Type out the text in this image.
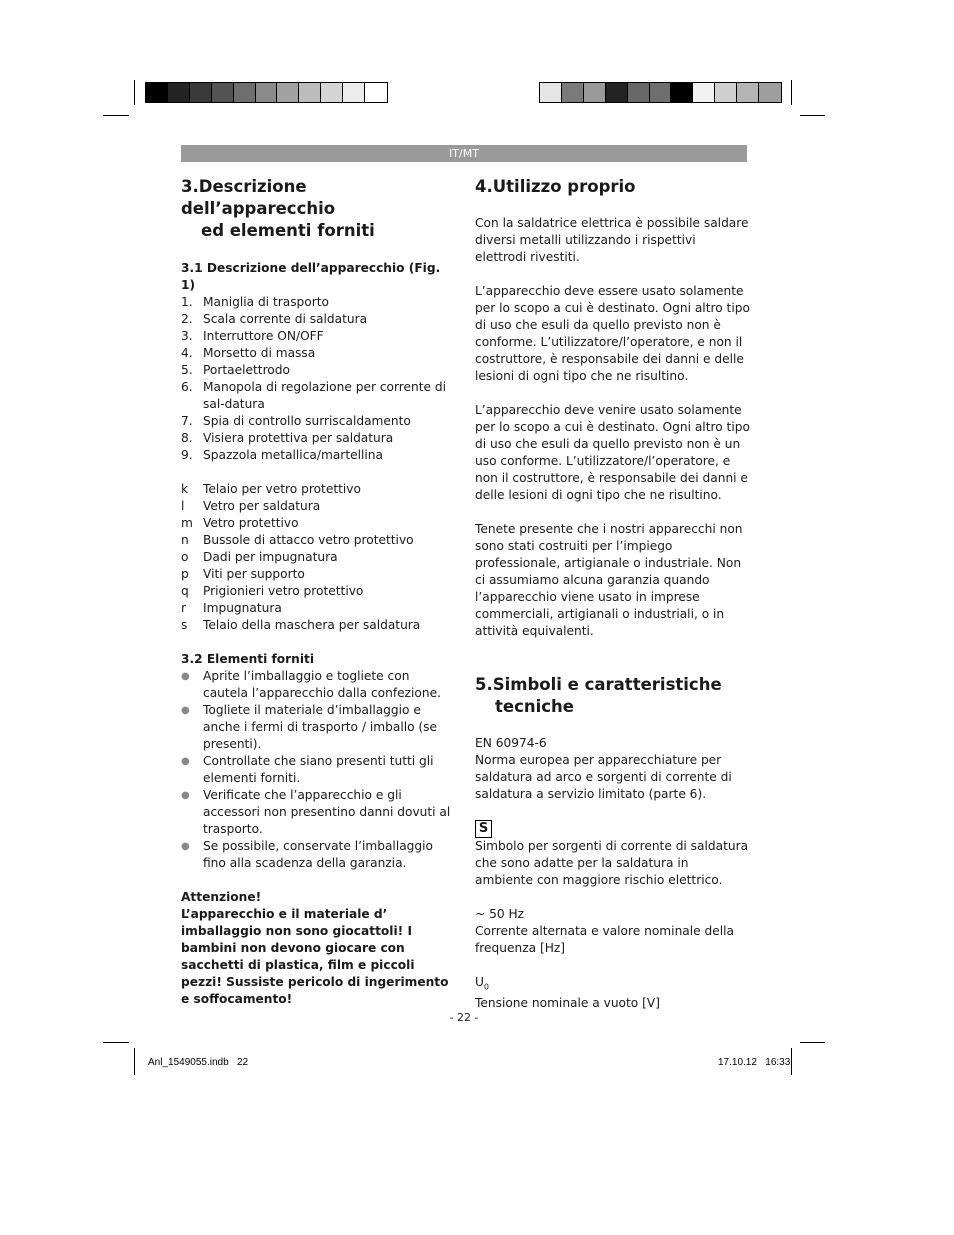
IT/MT
3.Descrizione dell’apparecchio
ed elementi forniti

3.1 Descrizione dell’apparecchio (Fig. 1)

1. Maniglia di trasporto
2. Scala corrente di saldatura
3. Interruttore ON/OFF
4. Morsetto di massa
5. Portaelettrodo
6. Manopola di regolazione per corrente di sal-datura
7. Spia di controllo surriscaldamento
8. Visiera protettiva per saldatura
9. Spazzola metallica/martellina
k	Telaio per vetro protettivo
l	Vetro per saldatura
m Vetro protettivo
n	Bussole di attacco vetro protettivo
o	Dadi per impugnatura
p	Viti per supporto
q	Prigionieri vetro protettivo
r	Impugnatura
s	Telaio della maschera per saldatura

3.2 Elementi forniti

●	Aprite l’imballaggio e togliete con cautela l’apparecchio dalla confezione.
●	Togliete il materiale d’imballaggio e anche i fermi di trasporto / imballo (se presenti).
●	Controllate che siano presenti tutti gli elementi forniti.
●	Verificate che l’apparecchio e gli accessori non presentino danni dovuti al trasporto.
●	Se possibile, conservate l’imballaggio fino alla scadenza della garanzia.

Attenzione!

L’apparecchio e il materiale d’ imballaggio non sono giocattoli! I bambini non devono giocare con sacchetti di plastica, film e piccoli pezzi! Sussiste pericolo di ingerimento e soffocamento!

4.Utilizzo proprio

Con la saldatrice elettrica è possibile saldare diversi metalli utilizzando i rispettivi elettrodi rivestiti.

L’apparecchio deve essere usato solamente per lo scopo a cui è destinato. Ogni altro tipo di uso che esuli da quello previsto non è conforme. L’utilizzatore/l’operatore, e non il costruttore, è responsabile dei danni e delle lesioni di ogni tipo che ne risultino.

L’apparecchio deve venire usato solamente per lo scopo a cui è destinato. Ogni altro tipo di uso che esuli da quello previsto non è un uso conforme. L’utilizzatore/l’operatore, e non il costruttore, è responsabile dei danni e delle lesioni di ogni tipo che ne risultino.

Tenete presente che i nostri apparecchi non sono stati costruiti per l’impiego professionale, artigianale o industriale. Non ci assumiamo alcuna garanzia quando l’apparecchio viene usato in imprese commerciali, artigianali o industriali, o in attività equivalenti.

5.Simboli e caratteristiche
tecniche

EN 60974-6

Norma europea per apparecchiature per saldatura ad arco e sorgenti di corrente di saldatura a servizio limitato (parte 6).

S

Simbolo per sorgenti di corrente di saldatura che sono adatte per la saldatura in ambiente con maggiore rischio elettrico.

~ 50 Hz

Corrente alternata e valore nominale della frequenza [Hz]

$U_0$

Tensione nominale a vuoto [V]

- 22 -
Anl_1549055.indb   22	17.10.12   16:33
